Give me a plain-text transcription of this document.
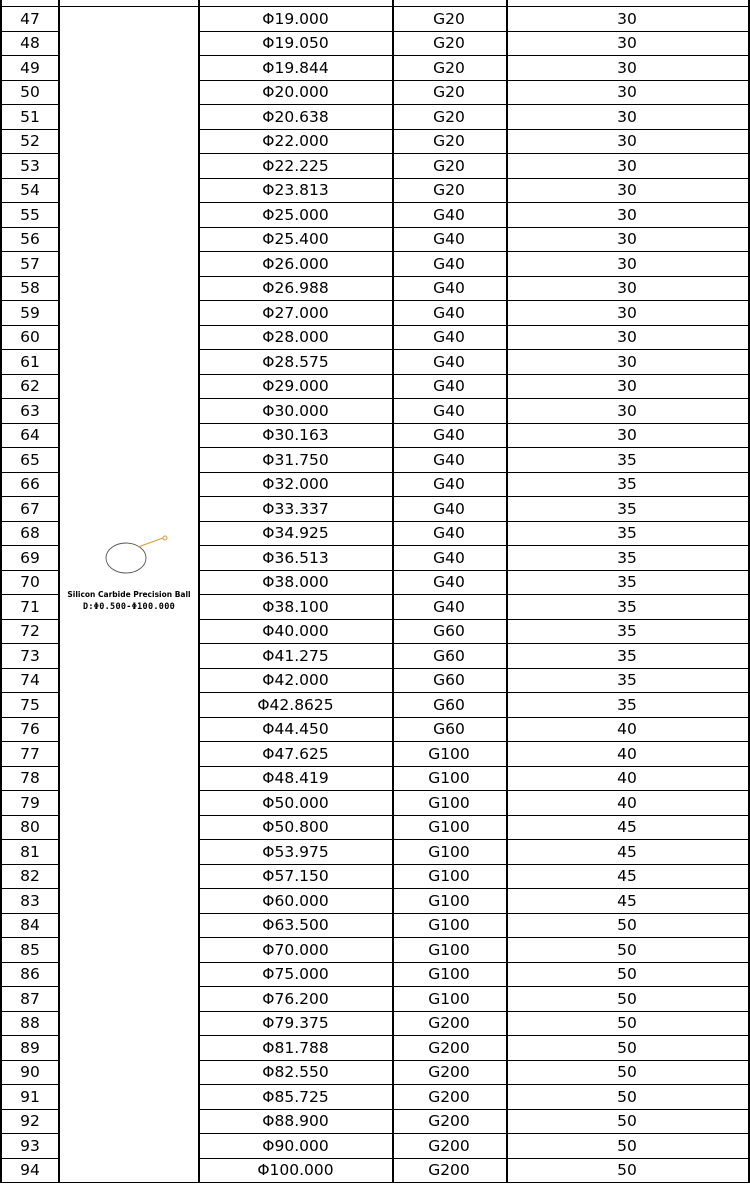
47	Φ19.000	G20	30
48	Φ19.050	G20	30
49	Φ19.844	G20	30
50	Φ20.000	G20	30
51	Φ20.638	G20	30
52	Φ22.000	G20	30
53	Φ22.225	G20	30
54	Φ23.813	G20	30
55	Φ25.000	G40	30
56	Φ25.400	G40	30
57	Φ26.000	G40	30
58	Φ26.988	G40	30
59	Φ27.000	G40	30
60	Φ28.000	G40	30
61	Φ28.575	G40	30
62	Φ29.000	G40	30
63	Φ30.000	G40	30
64	Φ30.163	G40	30
65	Φ31.750	G40	35
66	Φ32.000	G40	35
67	Φ33.337	G40	35
68	Φ34.925	G40	35
69	Φ36.513	G40	35
70	Φ38.000	G40	35
71	Φ38.100	G40	35
72	Φ40.000	G60	35
73	Φ41.275	G60	35
74	Φ42.000	G60	35
75	Φ42.8625	G60	35
76	Φ44.450	G60	40
77	Φ47.625	G100	40
78	Φ48.419	G100	40
79	Φ50.000	G100	40
80	Φ50.800	G100	45
81	Φ53.975	G100	45
82	Φ57.150	G100	45
83	Φ60.000	G100	45
84	Φ63.500	G100	50
85	Φ70.000	G100	50
86	Φ75.000	G100	50
87	Φ76.200	G100	50
88	Φ79.375	G200	50
89	Φ81.788	G200	50
90	Φ82.550	G200	50
91	Φ85.725	G200	50
92	Φ88.900	G200	50
93	Φ90.000	G200	50
94	Φ100.000	G200	50
Silicon Carbide Precision Ball
D:Φ0.500-Φ100.000
